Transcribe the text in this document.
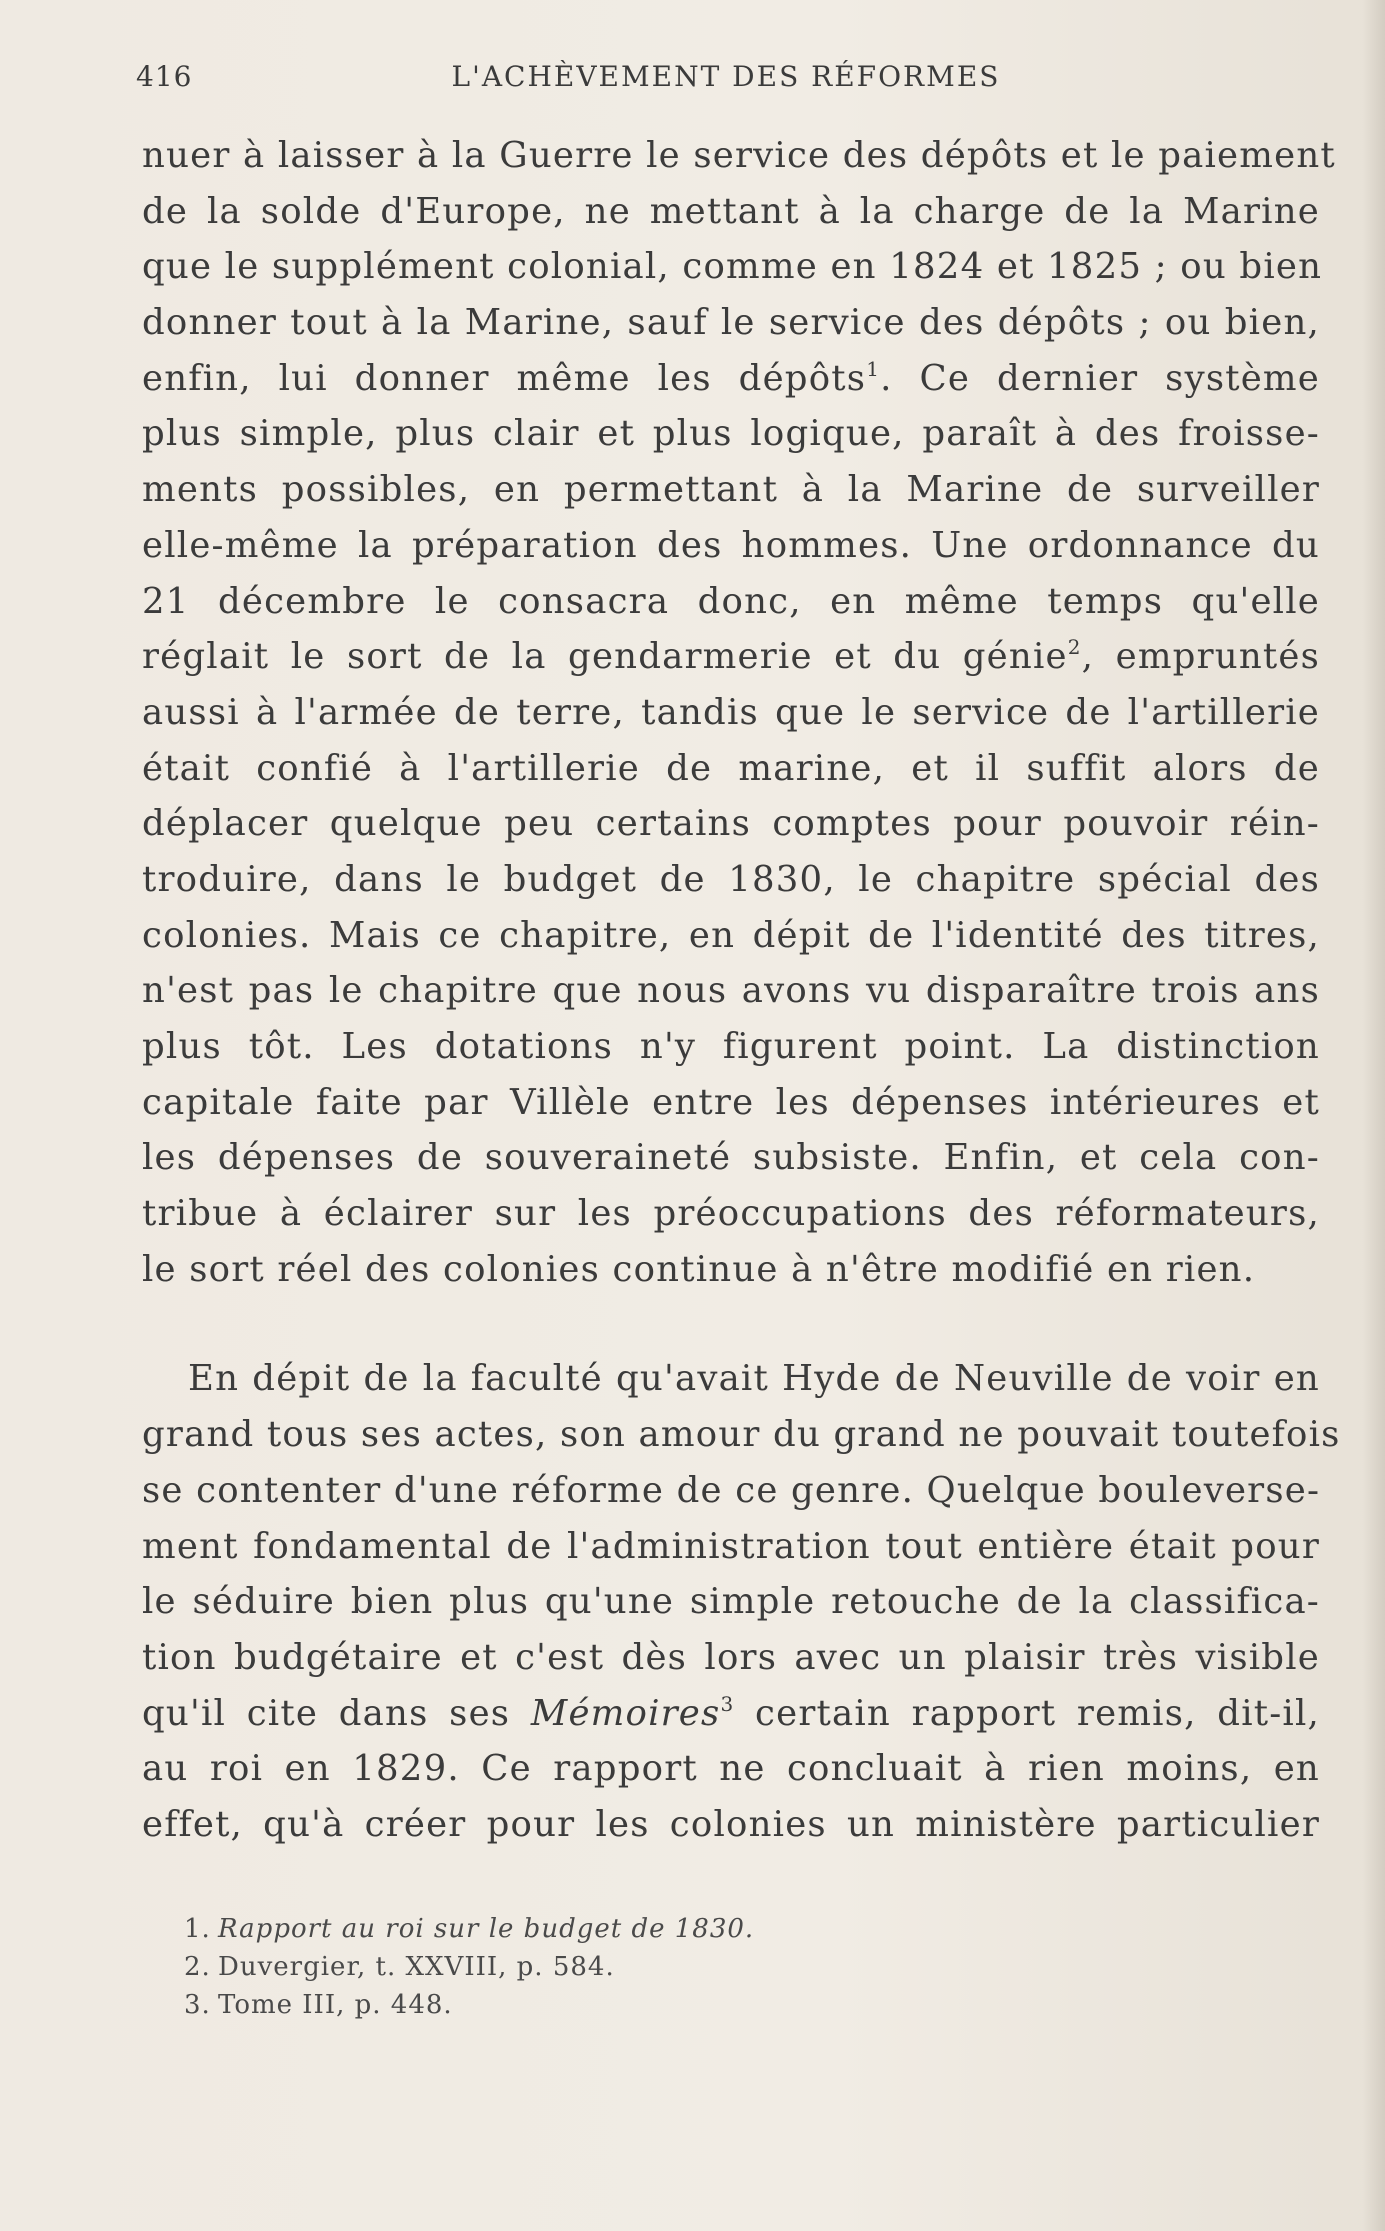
416	L'ACHÈVEMENT DES RÉFORMES
nuer à laisser à la Guerre le service des dépôts et le paiement
de la solde d'Europe, ne mettant à la charge de la Marine
que le supplément colonial, comme en 1824 et 1825 ; ou bien
donner tout à la Marine, sauf le service des dépôts ; ou bien,
enfin, lui donner même les dépôts$^1$. Ce dernier système
plus simple, plus clair et plus logique, paraît à des froisse-
ments possibles, en permettant à la Marine de surveiller
elle-même la préparation des hommes. Une ordonnance du
21 décembre le consacra donc, en même temps qu'elle
réglait le sort de la gendarmerie et du génie$^2$, empruntés
aussi à l'armée de terre, tandis que le service de l'artillerie
était confié à l'artillerie de marine, et il suffit alors de
déplacer quelque peu certains comptes pour pouvoir réin-
troduire, dans le budget de 1830, le chapitre spécial des
colonies. Mais ce chapitre, en dépit de l'identité des titres,
n'est pas le chapitre que nous avons vu disparaître trois ans
plus tôt. Les dotations n'y figurent point. La distinction
capitale faite par Villèle entre les dépenses intérieures et
les dépenses de souveraineté subsiste. Enfin, et cela con-
tribue à éclairer sur les préoccupations des réformateurs,
le sort réel des colonies continue à n'être modifié en rien.
En dépit de la faculté qu'avait Hyde de Neuville de voir en
grand tous ses actes, son amour du grand ne pouvait toutefois
se contenter d'une réforme de ce genre. Quelque bouleverse-
ment fondamental de l'administration tout entière était pour
le séduire bien plus qu'une simple retouche de la classifica-
tion budgétaire et c'est dès lors avec un plaisir très visible
qu'il cite dans ses Mémoires$^3$ certain rapport remis, dit-il,
au roi en 1829. Ce rapport ne concluait à rien moins, en
effet, qu'à créer pour les colonies un ministère particulier
1. Rapport au roi sur le budget de 1830.
2. Duvergier, t. XXVIII, p. 584.
3. Tome III, p. 448.
